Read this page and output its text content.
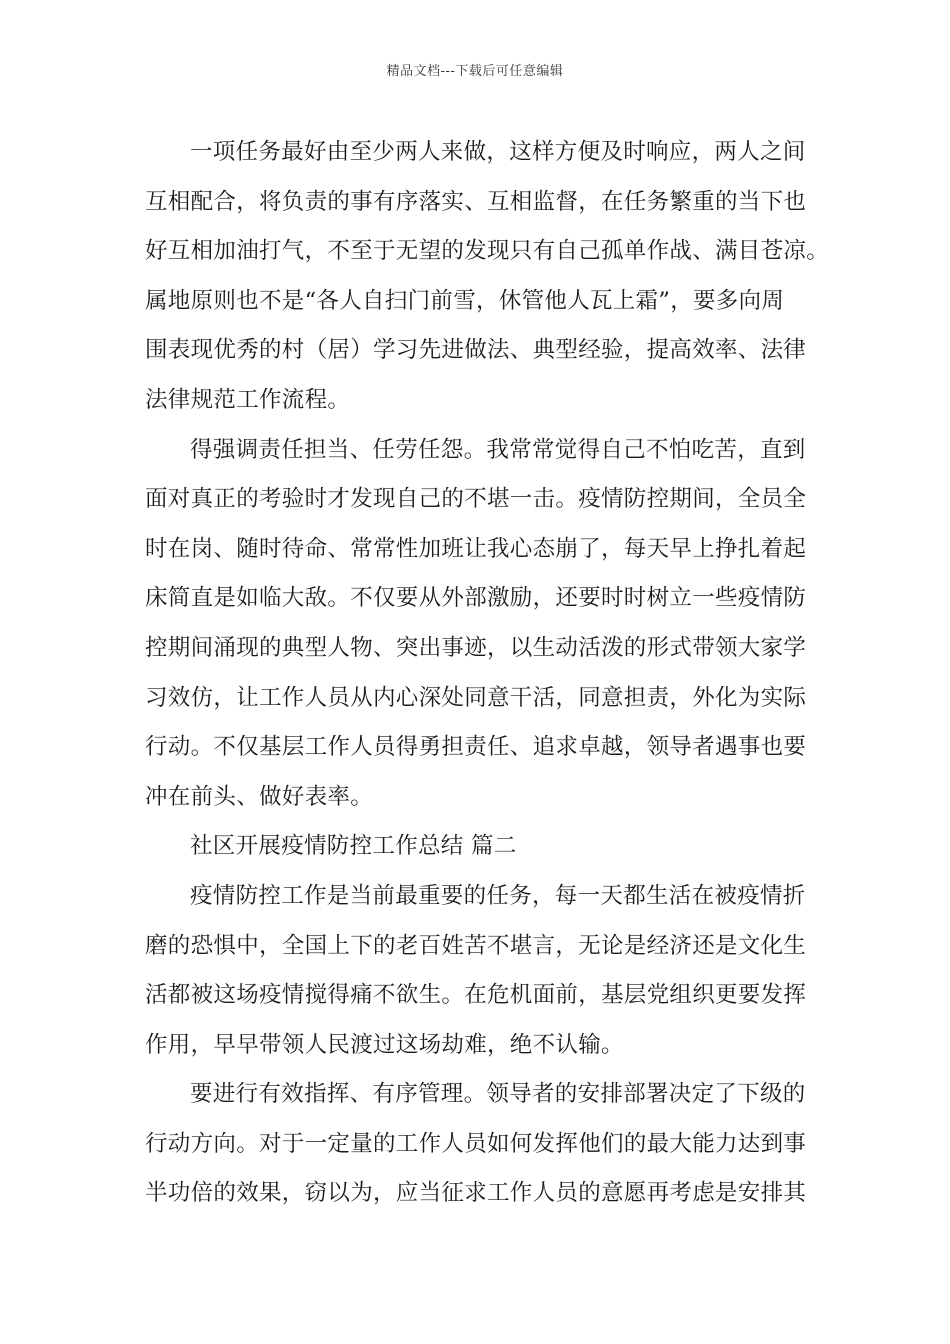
精品文档---下载后可任意编辑
一项任务最好由至少两人来做，这样方便及时响应，两人之间
互相配合，将负责的事有序落实、互相监督，在任务繁重的当下也
好互相加油打气，不至于无望的发现只有自己孤单作战、满目苍凉。
属地原则也不是“各人自扫门前雪，休管他人瓦上霜”，要多向周
围表现优秀的村（居）学习先进做法、典型经验，提高效率、法律
法律规范工作流程。
得强调责任担当、任劳任怨。我常常觉得自己不怕吃苦，直到
面对真正的考验时才发现自己的不堪一击。疫情防控期间，全员全
时在岗、随时待命、常常性加班让我心态崩了，每天早上挣扎着起
床简直是如临大敌。不仅要从外部激励，还要时时树立一些疫情防
控期间涌现的典型人物、突出事迹，以生动活泼的形式带领大家学
习效仿，让工作人员从内心深处同意干活，同意担责，外化为实际
行动。不仅基层工作人员得勇担责任、追求卓越，领导者遇事也要
冲在前头、做好表率。
社区开展疫情防控工作总结 篇二
疫情防控工作是当前最重要的任务，每一天都生活在被疫情折
磨的恐惧中，全国上下的老百姓苦不堪言，无论是经济还是文化生
活都被这场疫情搅得痛不欲生。在危机面前，基层党组织更要发挥
作用，早早带领人民渡过这场劫难，绝不认输。
要进行有效指挥、有序管理。领导者的安排部署决定了下级的
行动方向。对于一定量的工作人员如何发挥他们的最大能力达到事
半功倍的效果，窃以为，应当征求工作人员的意愿再考虑是安排其
